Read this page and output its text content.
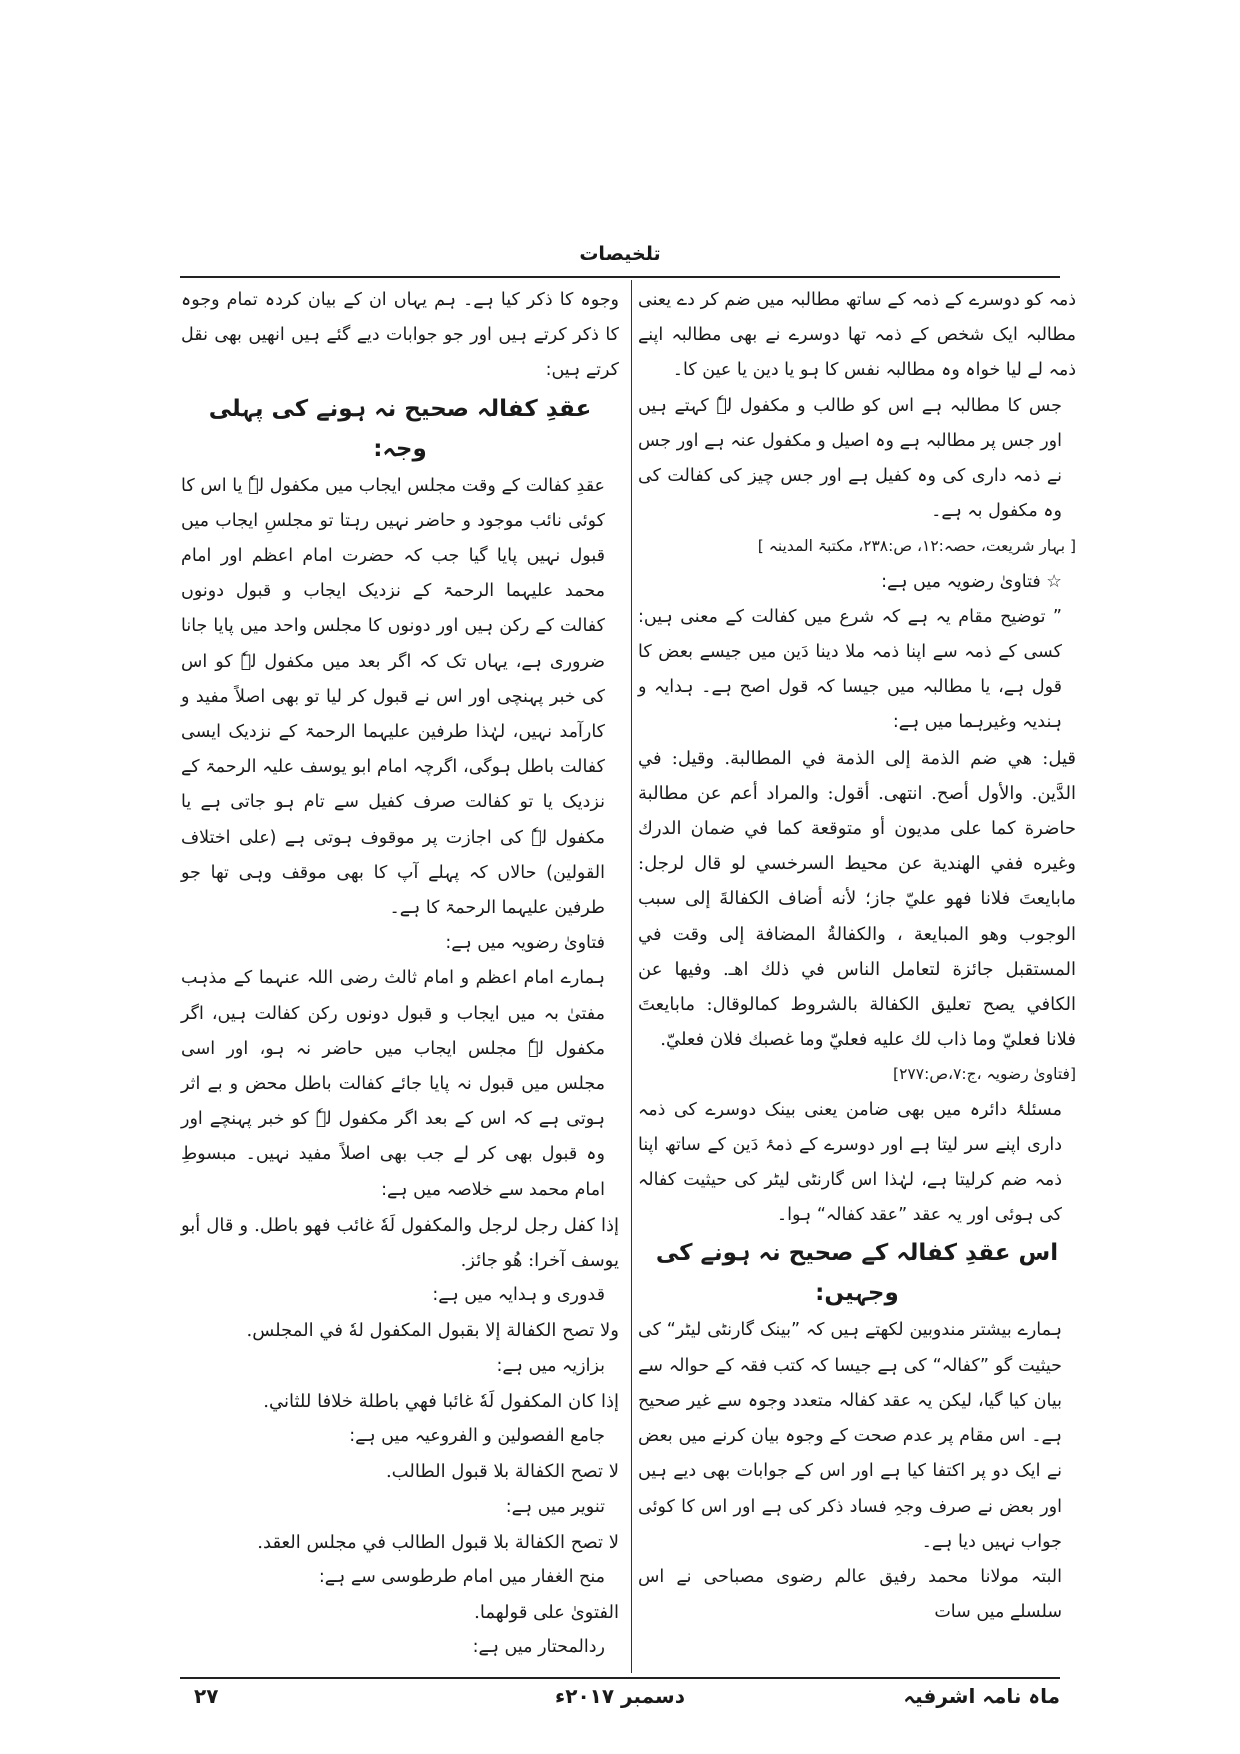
تلخیصات

ذمہ کو دوسرے کے ذمہ کے ساتھ مطالبہ میں ضم کر دے یعنی مطالبہ ایک شخص کے ذمہ تھا دوسرے نے بھی مطالبہ اپنے ذمہ لے لیا خواہ وہ مطالبہ نفس کا ہو یا دین یا عین کا۔

جس کا مطالبہ ہے اس کو طالب و مکفول لہٗ کہتے ہیں اور جس پر مطالبہ ہے وہ اصیل و مکفول عنہ ہے اور جس نے ذمہ داری کی وہ کفیل ہے اور جس چیز کی کفالت کی وہ مکفول بہ ہے۔

[ بہار شریعت، حصہ:۱۲، ص:۲۳۸، مکتبۃ المدینہ ]

☆ فتاویٰ رضویہ میں ہے:

” توضیح مقام یہ ہے کہ شرع میں کفالت کے معنی ہیں: کسی کے ذمہ سے اپنا ذمہ ملا دینا دَین میں جیسے بعض کا قول ہے، یا مطالبہ میں جیسا کہ قول اصح ہے۔ ہدایہ و ہندیہ وغیرہما میں ہے:

قيل: هي ضم الذمة إلى الذمة في المطالبة. وقيل: في الدَّين. والأول أصح. انتهى. أقول: والمراد أعم عن مطالبة حاضرة كما على مديون أو متوقعة كما في ضمان الدرك وغيره ففي الهندية عن محيط السرخسي لو قال لرجل: مابايعتَ فلانا فهو عليّ جاز؛ لأنه أضاف الكفالةَ إلى سبب الوجوب وهو المبايعة ، والكفالةُ المضافة إلى وقت في المستقبل جائزة لتعامل الناس في ذلك اهـ. وفيها عن الكافي يصح تعليق الكفالة بالشروط كمالوقال: مابايعتَ فلانا فعليّ وما ذاب لك عليه فعليّ وما غصبك فلان فعليّ.

[فتاویٰ رضویہ ،ج:۷،ص:۲۷۷]

مسئلۂ دائرہ میں بھی ضامن یعنی بینک دوسرے کی ذمہ داری اپنے سر لیتا ہے اور دوسرے کے ذمۂ دَین کے ساتھ اپنا ذمہ ضم کرلیتا ہے، لہٰذا اس گارنٹی لیٹر کی حیثیت کفالہ کی ہوئی اور یہ عقد ”عقد کفالہ“ ہوا۔

اس عقدِ کفالہ کے صحیح نہ ہونے کی وجہیں:

ہمارے بیشتر مندوبین لکھتے ہیں کہ ”بینک گارنٹی لیٹر“ کی حیثیت گو ”کفالہ“ کی ہے جیسا کہ کتب فقہ کے حوالہ سے بیان کیا گیا، لیکن یہ عقد کفالہ متعدد وجوہ سے غیر صحیح ہے۔ اس مقام پر عدم صحت کے وجوہ بیان کرنے میں بعض نے ایک دو پر اکتفا کیا ہے اور اس کے جوابات بھی دیے ہیں اور بعض نے صرف وجہِ فساد ذکر کی ہے اور اس کا کوئی جواب نہیں دیا ہے۔

البتہ مولانا محمد رفیق عالم رضوی مصباحی نے اس سلسلے میں سات

وجوہ کا ذکر کیا ہے۔ ہم یہاں ان کے بیان کردہ تمام وجوہ کا ذکر کرتے ہیں اور جو جوابات دیے گئے ہیں انھیں بھی نقل کرتے ہیں:

عقدِ کفالہ صحیح نہ ہونے کی پہلی وجہ:

عقدِ کفالت کے وقت مجلس ایجاب میں مکفول لہٗ یا اس کا کوئی نائب موجود و حاضر نہیں رہتا تو مجلسِ ایجاب میں قبول نہیں پایا گیا جب کہ حضرت امام اعظم اور امام محمد علیہما الرحمۃ کے نزدیک ایجاب و قبول دونوں کفالت کے رکن ہیں اور دونوں کا مجلس واحد میں پایا جانا ضروری ہے، یہاں تک کہ اگر بعد میں مکفول لہٗ کو اس کی خبر پہنچی اور اس نے قبول کر لیا تو بھی اصلاً مفید و کارآمد نہیں، لہٰذا طرفین علیہما الرحمۃ کے نزدیک ایسی کفالت باطل ہوگی، اگرچہ امام ابو یوسف علیہ الرحمۃ کے نزدیک یا تو کفالت صرف کفیل سے تام ہو جاتی ہے یا مکفول لہٗ کی اجازت پر موقوف ہوتی ہے (علی اختلاف القولین) حالاں کہ پہلے آپ کا بھی موقف وہی تھا جو طرفین علیہما الرحمۃ کا ہے۔

فتاویٰ رضویہ میں ہے:

ہمارے امام اعظم و امام ثالث رضی اللہ عنہما کے مذہب مفتیٰ بہ میں ایجاب و قبول دونوں رکن کفالت ہیں، اگر مکفول لہٗ مجلس ایجاب میں حاضر نہ ہو، اور اسی مجلس میں قبول نہ پایا جائے کفالت باطل محض و بے اثر ہوتی ہے کہ اس کے بعد اگر مکفول لہٗ کو خبر پہنچے اور وہ قبول بھی کر لے جب بھی اصلاً مفید نہیں۔ مبسوطِ امام محمد سے خلاصہ میں ہے:

إذا كفل رجل لرجل والمكفول لَهٗ غائب فهو باطل. و قال أبو يوسف آخرا: هُو جائز.

قدوری و ہدایہ میں ہے:

ولا تصح الكفالة إلا بقبول المكفول لهٗ في المجلس.

بزازیہ میں ہے:

إذا كان المكفول لَهٗ غائبا فهي باطلة خلافا للثاني.

جامع الفصولین و الفروعیہ میں ہے:

لا تصح الكفالة بلا قبول الطالب.

تنویر میں ہے:

لا تصح الكفالة بلا قبول الطالب في مجلس العقد.

منح الغفار میں امام طرطوسی سے ہے:

الفتویٰ على قولهما.

ردالمحتار میں ہے:

ماہ نامہ اشرفیہ
دسمبر ۲۰۱۷ء
۲۷
